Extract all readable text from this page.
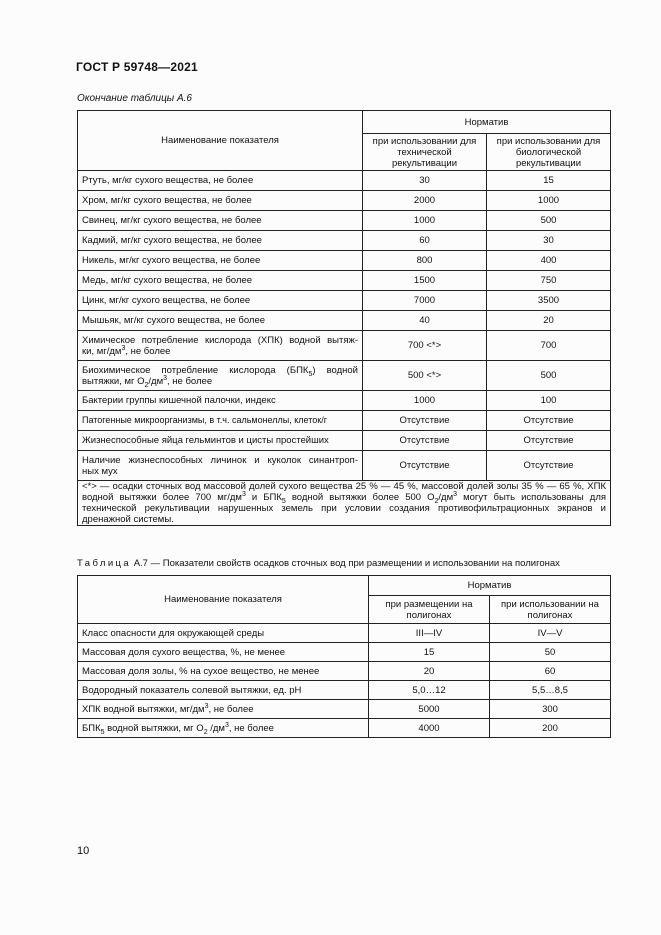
ГОСТ Р 59748—2021
Окончание таблицы А.6
Наименование показателя	Норматив	
	при использовании для технической рекультивации	при использовании для биологической рекультивации
Ртуть, мг/кг сухого вещества, не более	30	15
Хром, мг/кг сухого вещества, не более	2000	1000
Свинец, мг/кг сухого вещества, не более	1000	500
Кадмий, мг/кг сухого вещества, не более	60	30
Никель, мг/кг сухого вещества, не более	800	400
Медь, мг/кг сухого вещества, не более	1500	750
Цинк, мг/кг сухого вещества, не более	7000	3500
Мышьяк, мг/кг сухого вещества, не более	40	20

Химическое потребление кислорода (ХПК) водной вытяж-
ки, $мг/дм^3$, не более	700 <*>	700

Биохимическое потребление кислорода $(БПК_5)$ водной
вытяжки, мг $O_2/дм^3$, не более	500 <*>	500
Бактерии группы кишечной палочки, индекс	1000	100
Патогенные микроорганизмы, в т.ч. сальмонеллы, клеток/г	Отсутствие	Отсутствие
Жизнеспособные яйца гельминтов и цисты простейших	Отсутствие	Отсутствие

Наличие жизнеспособных личинок и куколок синантроп-
ных мух	Отсутствие	Отсутствие
<*> — осадки сточных вод массовой долей сухого вещества 25 % — 45 %, массовой долей золы 35 % — 65 %, ХПК водной вытяжки более 700 $мг/дм^3$ и $БПК_5$ водной вытяжки более 500 $O_2/дм^3$ могут быть использованы для технической рекультивации нарушенных земель при условии создания противофильтрационных экранов и дренажной системы.		
Таблица А.7 — Показатели свойств осадков сточных вод при размещении и использовании на полигонах
Наименование показателя	Норматив	
	при размещении на полигонах	при использовании на полигонах
Класс опасности для окружающей среды	III—IV	IV—V
Массовая доля сухого вещества, %, не менее	15	50
Массовая доля золы, % на сухое вещество, не менее	20	60
Водородный показатель солевой вытяжки, ед. рН	5,0…12	5,5…8,5
ХПК водной вытяжки, $мг/дм^3$, не более	5000	300
$БПК_5$ водной вытяжки, мг $O_2$ $/дм^3$, не более	4000	200
10
